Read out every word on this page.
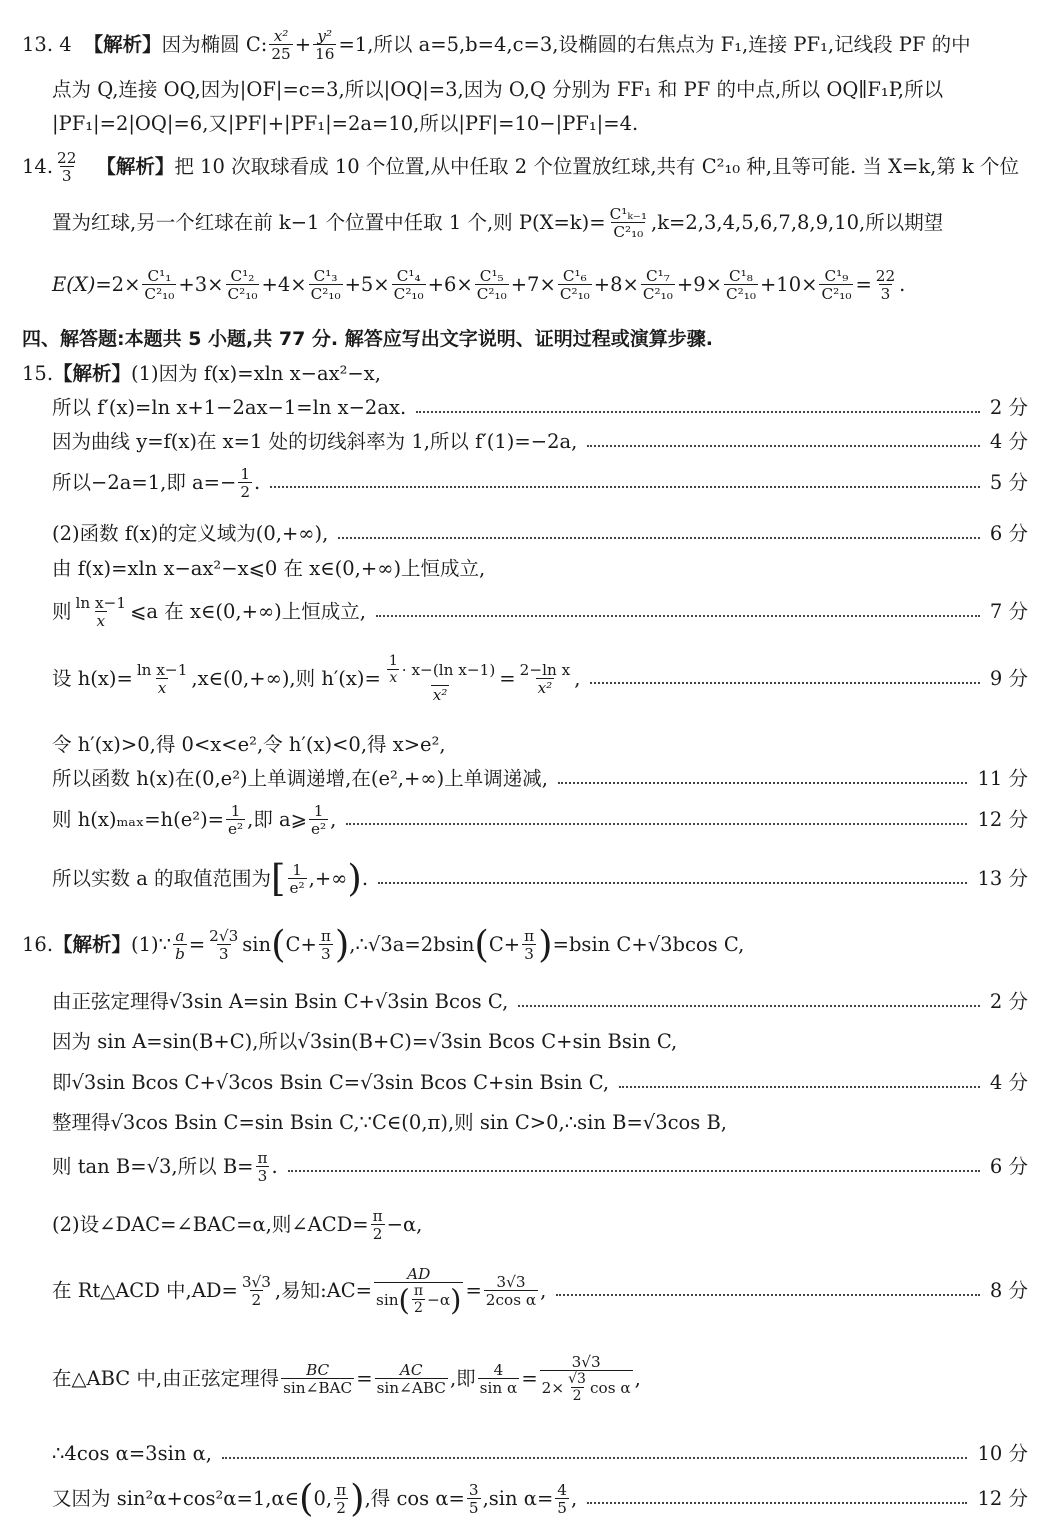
13. 4 【解析】 因为椭圆 C: $\frac{\text{x²}}{25} + \frac{\text{y²}}{16} =1$,所以 a=5,b=4,c=3,设椭圆的右焦点为 F₁,连接 PF₁,记线段 PF 的中
点为 Q,连接 OQ,因为|OF|=c=3,所以|OQ|=3,因为 O,Q 分别为 FF₁ 和 PF 的中点,所以 OQ∥F₁P,所以
|PF₁|=2|OQ|=6,又|PF|+|PF₁|=2a=10,所以|PF|=10−|PF₁|=4.
14. $\frac{22}{3}$ 【解析】 把 10 次取球看成 10 个位置,从中任取 2 个位置放红球,共有 C²₁₀ 种,且等可能. 当 X=k,第 k 个位
置为红球,另一个红球在前 k−1 个位置中任取 1 个,则 $P(X=k)= \frac{\text{C¹ₖ₋₁}}{\text{C²₁₀}} ,k=2,3,4,5,6,7,8,9,10$,所以期望
$E(X)= 2\times \frac{\text{C¹₁}}{\text{C²₁₀}} +3\times \frac{\text{C¹₂}}{\text{C²₁₀}} +4\times \frac{\text{C¹₃}}{\text{C²₁₀}} +5\times \frac{\text{C¹₄}}{\text{C²₁₀}} +6\times \frac{\text{C¹₅}}{\text{C²₁₀}} +7\times \frac{\text{C¹₆}}{\text{C²₁₀}} +8\times \frac{\text{C¹₇}}{\text{C²₁₀}} +9\times \frac{\text{C¹₈}}{\text{C²₁₀}} +10\times \frac{\text{C¹₉}}{\text{C²₁₀}} = \frac{22}{3}$ .
四、解答题:本题共 5 小题,共 77 分. 解答应写出文字说明、证明过程或演算步骤.
15. 【解析】 (1)因为 f(x)=xln x−ax²−x,
所以 f′(x)=ln x+1−2ax−1=ln x−2ax.	2 分
因为曲线 y=f(x)在 x=1 处的切线斜率为 1,所以 f′(1)=−2a,	4 分
所以−2a=1,即 $a=- \frac{1}{2}$ .	5 分
(2)函数 f(x)的定义域为(0,+∞),	6 分
由 f(x)=xln x−ax²−x⩽0 在 x∈(0,+∞)上恒成立,
则 $\frac{\text{ln x−1}}{x}$ ⩽a 在 x∈(0,+∞)上恒成立,	7 分
设 $h(x)= \frac{\text{ln x−1}}{x}$ ,x∈(0,+∞),则 $h'(x)= \frac{\frac{1}{x} \cdot x-(\ln x-1)}{\text{x²}} = \frac{\text{2−ln x}}{\text{x²}}$ ,	9 分
令 h′(x)>0,得 0<x<e²,令 h′(x)<0,得 x>e²,
所以函数 h(x)在(0,e²)上单调递增,在(e²,+∞)上单调递减,	11 分
则 $h(x)_{max}=h(e^2)= \frac{1}{\text{e²}}$ ,即 a⩾ $\frac{1}{\text{e²}}$ ,	12 分
所以实数 a 的取值范围为 [ $\frac{1}{\text{e²}}$ ,+∞ ) .	13 分
16. 【解析】 (1)∵ $\frac{a}{b} = \frac{2√3}{3}$ sin ( $C+ \frac{\pi}{3}$ ) ,∴√3a=2bsin ( $C+ \frac{\pi}{3}$ ) =bsin C+√3bcos C,
由正弦定理得√3sin A=sin Bsin C+√3sin Bcos C,	2 分
因为 sin A=sin(B+C),所以√3sin(B+C)=√3sin Bcos C+sin Bsin C,
即√3sin Bcos C+√3cos Bsin C=√3sin Bcos C+sin Bsin C,	4 分
整理得√3cos Bsin C=sin Bsin C,∵C∈(0,π),则 sin C>0,∴sin B=√3cos B,
则 tan B=√3,所以 $B= \frac{\pi}{3}$ .	6 分
(2)设∠DAC=∠BAC=α,则∠ACD= $\frac{\pi}{2} -\alpha$,
在 Rt△ACD 中$,AD= \frac{3√3}{2}$ ,易知:AC= $\frac{AD}{\sin ( \frac{\pi}{2} -\alpha )} = \frac{3√3}{\text{2cos α}}$ ,	8 分
在△ABC 中,由正弦定理得 $\frac{BC}{\text{sin∠BAC}} = \frac{AC}{\text{sin∠ABC}}$ ,即 $\frac{4}{\text{sin α}} = \frac{3√3}{2\times \frac{√3}{2} \cos \alpha}$ ,
∴4cos α=3sin α,	10 分
又因为 sin²α+cos²α=1,α∈ ( 0, $\frac{\pi}{2}$ ) ,得 $\cos \alpha= \frac{3}{5} ,\sin$ $\alpha= \frac{4}{5}$ ,	12 分
